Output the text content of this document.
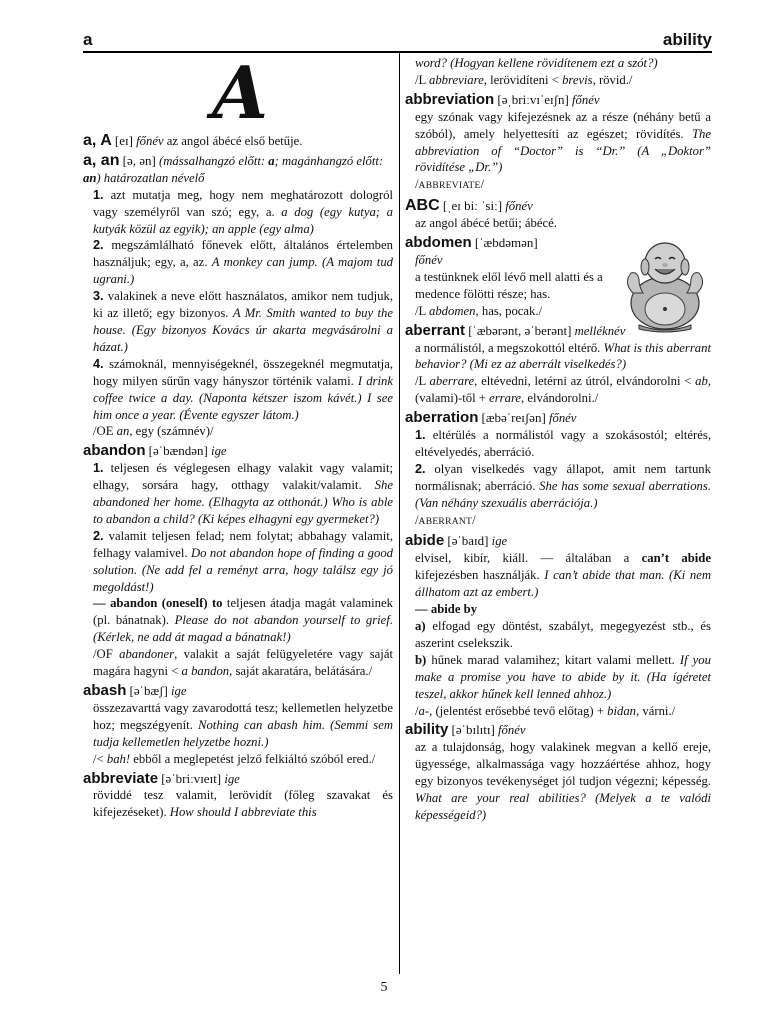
a	ability
A
a, A [eɪ] főnév az angol ábécé első betűje.
a, an [ə, ən] (mássalhangzó előtt: a; magánhangzó előtt: an) határozatlan névelő
1. azt mutatja meg, hogy nem meghatározott dologról vagy személyről van szó; egy, a. a dog (egy kutya; a kutyák közül az egyik); an apple (egy alma)
2. megszámlálható főnevek előtt, általános értelemben használjuk; egy, a, az. A monkey can jump. (A majom tud ugrani.)
3. valakinek a neve előtt használatos, amikor nem tudjuk, ki az illető; egy bizonyos. A Mr. Smith wanted to buy the house. (Egy bizonyos Kovács úr akarta megvásárolni a házat.)
4. számoknál, mennyiségeknél, összegeknél megmutatja, hogy milyen sűrűn vagy hányszor történik valami. I drink coffee twice a day. (Naponta kétszer iszom kávét.) I see him once a year. (Évente egyszer látom.)
/OE an, egy (számnév)/
abandon [əˈbændən] ige
1. teljesen és véglegesen elhagy valakit vagy valamit; elhagy, sorsára hagy, otthagy valakit/valamit. She abandoned her home. (Elhagyta az otthonát.) Who is able to abandon a child? (Ki képes elhagyni egy gyermeket?)
2. valamit teljesen felad; nem folytat; abbahagy valamit, felhagy valamivel. Do not abandon hope of finding a good solution. (Ne add fel a reményt arra, hogy találsz egy jó megoldást!)
— abandon (oneself) to teljesen átadja magát valaminek (pl. bánatnak). Please do not abandon yourself to grief. (Kérlek, ne add át magad a bánatnak!)
/OF abandoner, valakit a saját felügyeletére vagy saját magára hagyni < a bandon, saját akaratára, belátására./
abash [əˈbæʃ] ige
összezavarttá vagy zavarodottá tesz; kellemetlen helyzetbe hoz; megszégyenít. Nothing can abash him. (Semmi sem tudja kellemetlen helyzetbe hozni.)
/< bah! ebből a meglepetést jelző felkiáltó szóból ered./
abbreviate [əˈbriːvɪeɪt] ige
röviddé tesz valamit, lerövidít (főleg szavakat és kifejezéseket). How should I abbreviate this
word? (Hogyan kellene rövidítenem ezt a szót?)
/L abbreviare, lerövidíteni < brevis, rövid./
abbreviation [əˌbriːvɪˈeɪʃn] főnév
egy szónak vagy kifejezésnek az a része (néhány betű a szóból), amely helyettesíti az egészet; rövidítés. The abbreviation of “Doctor” is “Dr.” (A „Doktor” rövidítése „Dr.”)
/ABBREVIATE/
ABC [ˌeɪ biː ˈsiː] főnév
az angol ábécé betűi; ábécé.
abdomen [ˈæbdəmən]
főnév
a testünknek elől lévő mell alatti és a medence fölötti része; has.
/L abdomen, has, pocak./
aberrant [ˈæbərənt, əˈberənt] melléknév
a normálistól, a megszokottól eltérő. What is this aberrant behavior? (Mi ez az aberrált viselkedés?)
/L aberrare, eltévedni, letérni az útról, elvándorolni < ab, (valami)-től + errare, elvándorolni./
aberration [æbəˈreɪʃən] főnév
1. eltérülés a normálistól vagy a szokásostól; eltérés, eltévelyedés, aberráció.
2. olyan viselkedés vagy állapot, amit nem tartunk normálisnak; aberráció. She has some sexual aberrations. (Van néhány szexuális aberrációja.)
/ABERRANT/
abide [əˈbaɪd] ige
elvisel, kibír, kiáll. — általában a can’t abide kifejezésben használják. I can’t abide that man. (Ki nem állhatom azt az embert.)
— abide by
a) elfogad egy döntést, szabályt, megegyezést stb., és aszerint cselekszik.
b) hűnek marad valamihez; kitart valami mellett. If you make a promise you have to abide by it. (Ha ígéretet teszel, akkor hűnek kell lenned ahhoz.)
/a-, (jelentést erősebbé tevő előtag) + bidan, várni./
ability [əˈbɪlɪtɪ] főnév
az a tulajdonság, hogy valakinek megvan a kellő ereje, ügyessége, alkalmassága vagy hozzáértése ahhoz, hogy egy bizonyos tevékenységet jól tudjon végezni; képesség. What are your real abilities? (Melyek a te valódi képességeid?)
5
